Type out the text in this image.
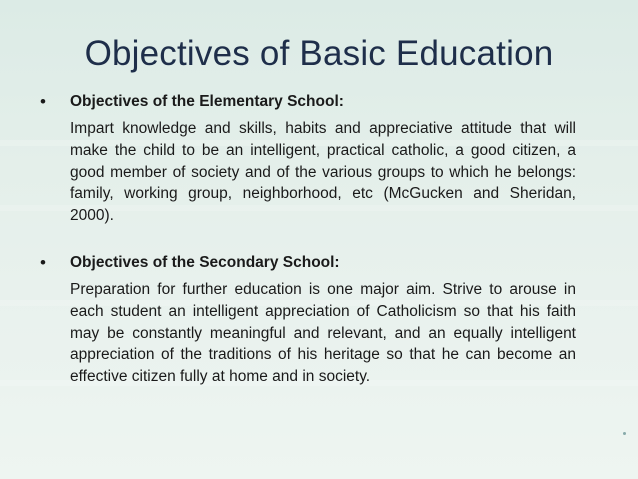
Objectives of Basic Education
• Objectives of the Elementary School:
Impart knowledge and skills, habits and appreciative attitude that will make the child to be an intelligent, practical catholic, a good citizen, a good member of society and of the various groups to which he belongs: family, working group, neighborhood, etc (McGucken and Sheridan, 2000).
• Objectives of the Secondary School:
Preparation for further education is one major aim. Strive to arouse in each student an intelligent appreciation of Catholicism so that his faith may be constantly meaningful and relevant, and an equally intelligent appreciation of the traditions of his heritage so that he can become an effective citizen fully at home and in society.
